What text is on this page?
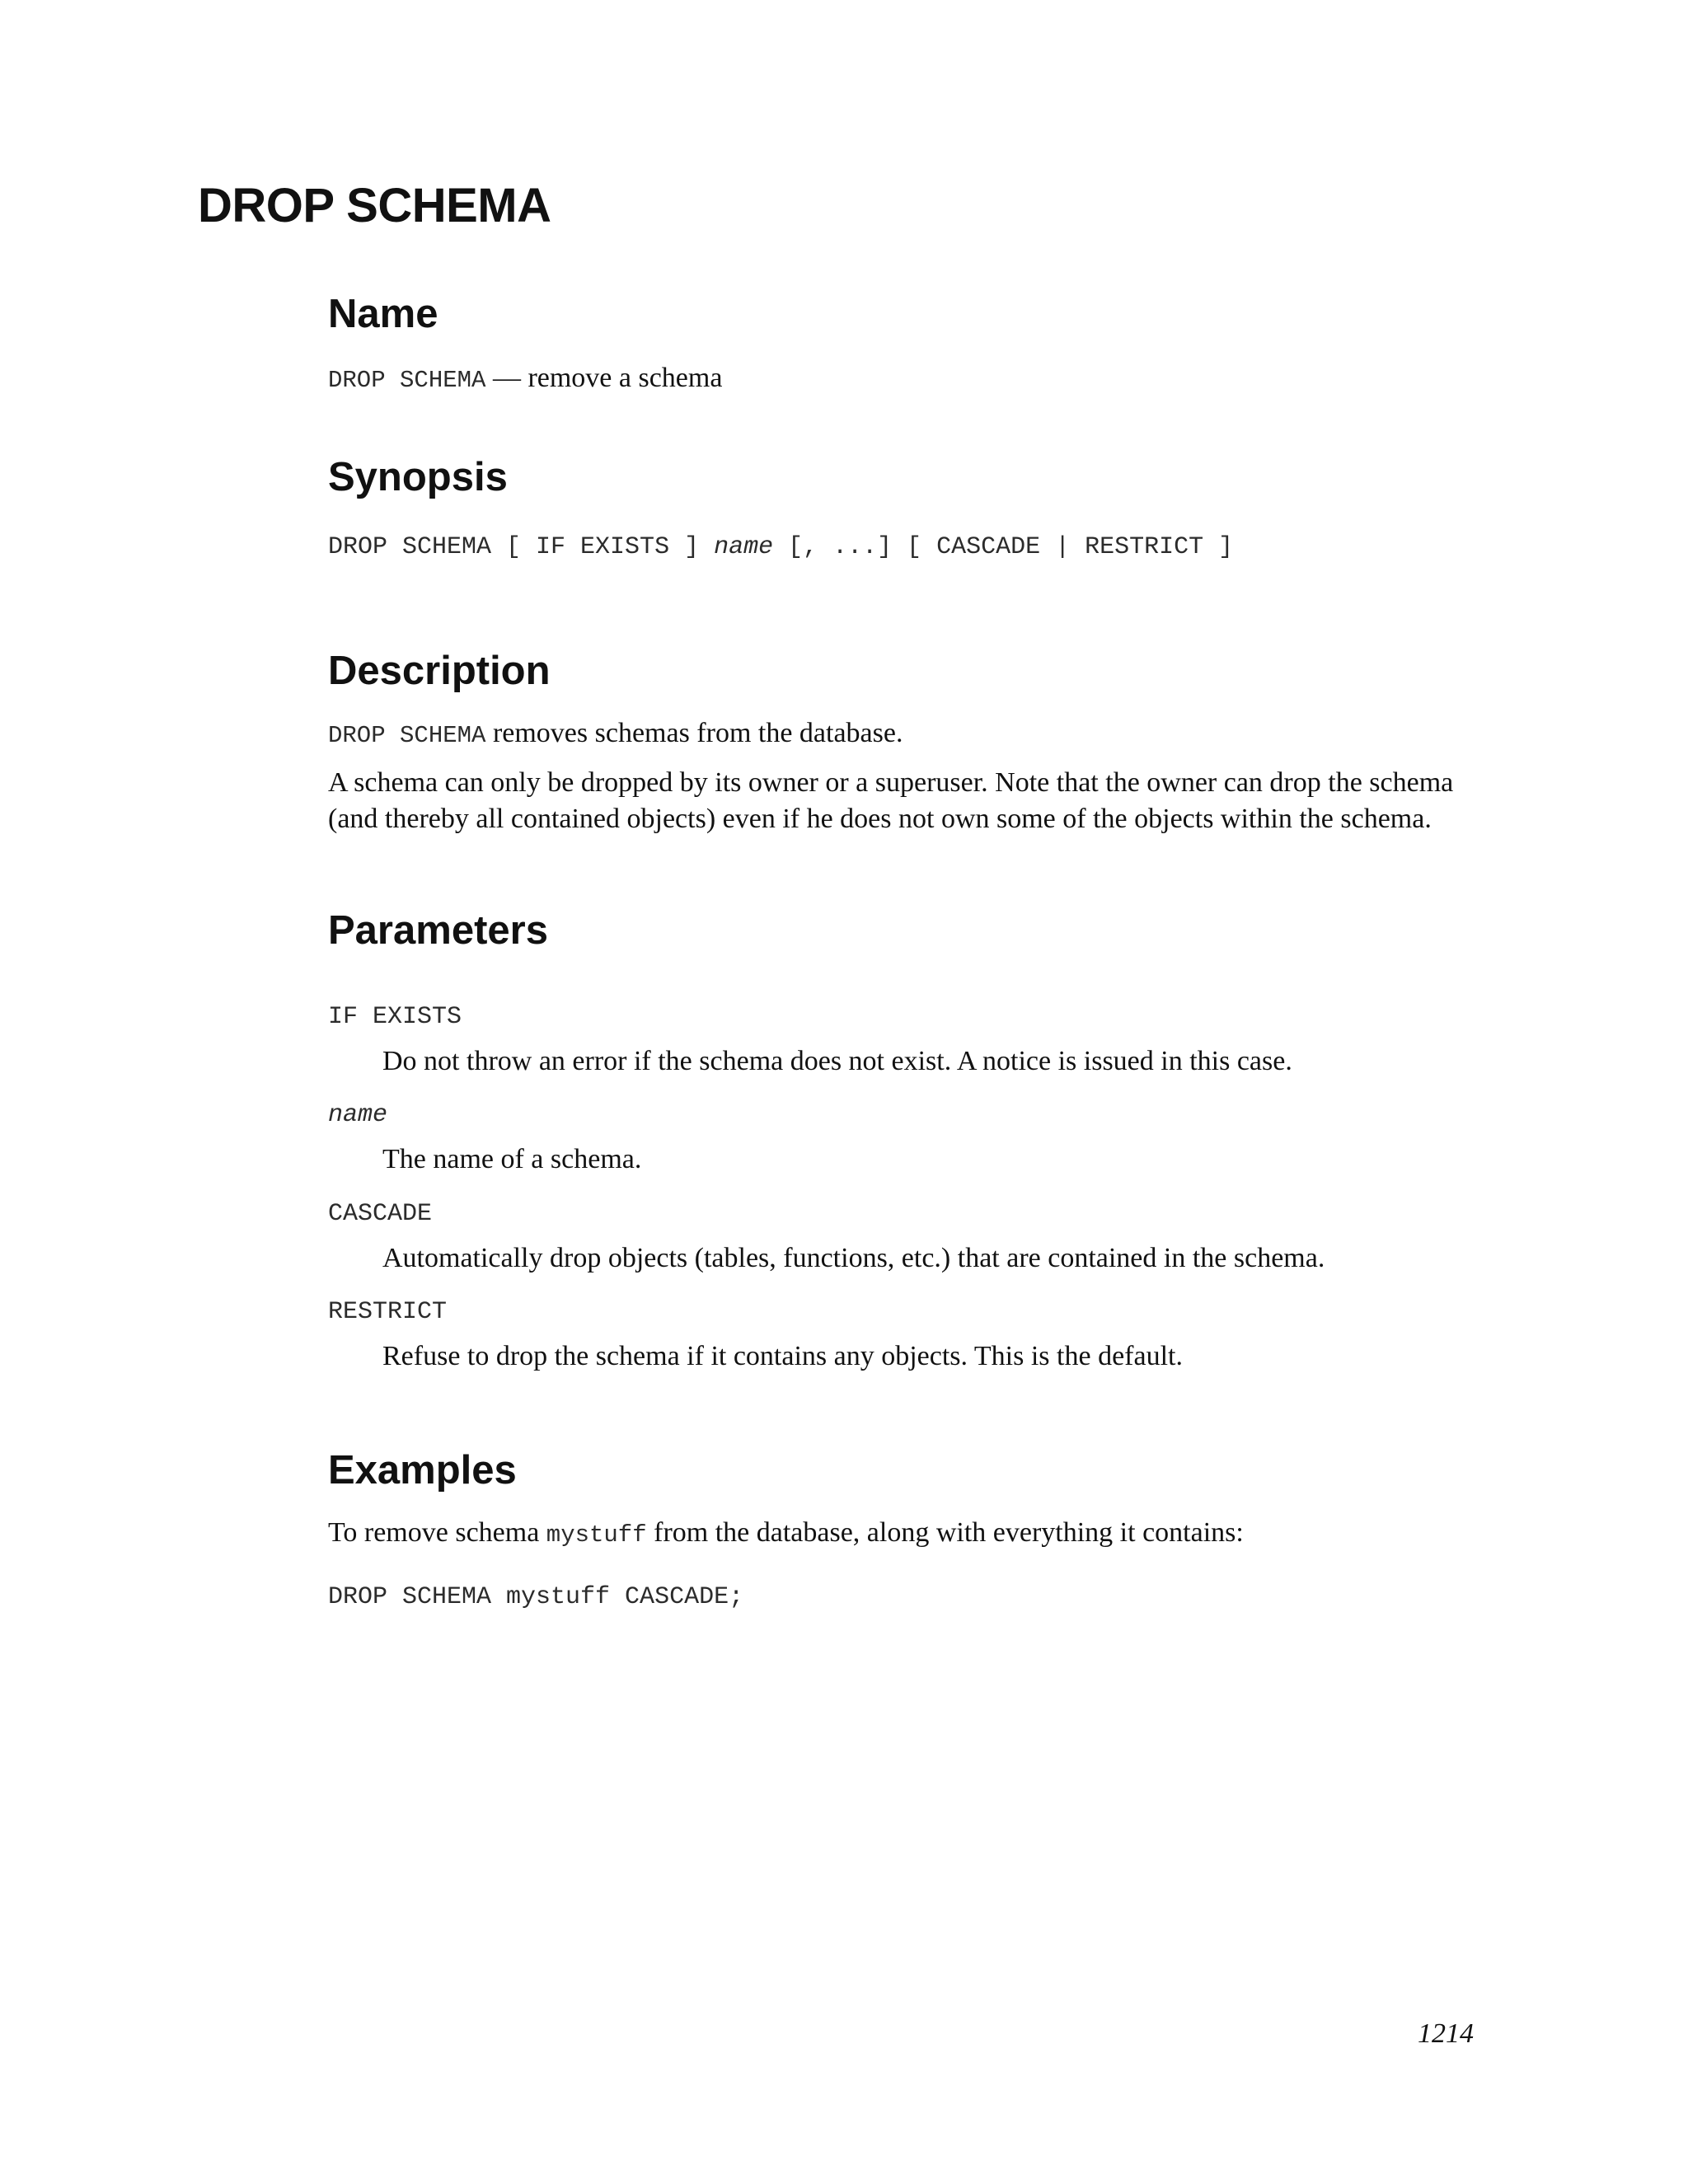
DROP SCHEMA
Name

DROP SCHEMA — remove a schema

Synopsis

DROP SCHEMA [ IF EXISTS ] name [, ...] [ CASCADE | RESTRICT ]

Description

DROP SCHEMA removes schemas from the database.

A schema can only be dropped by its owner or a superuser. Note that the owner can drop the schema (and thereby all contained objects) even if he does not own some of the objects within the schema.

Parameters

IF EXISTS

Do not throw an error if the schema does not exist. A notice is issued in this case.

name

The name of a schema.

CASCADE

Automatically drop objects (tables, functions, etc.) that are contained in the schema.

RESTRICT

Refuse to drop the schema if it contains any objects. This is the default.

Examples

To remove schema mystuff from the database, along with everything it contains:

DROP SCHEMA mystuff CASCADE;

1214
